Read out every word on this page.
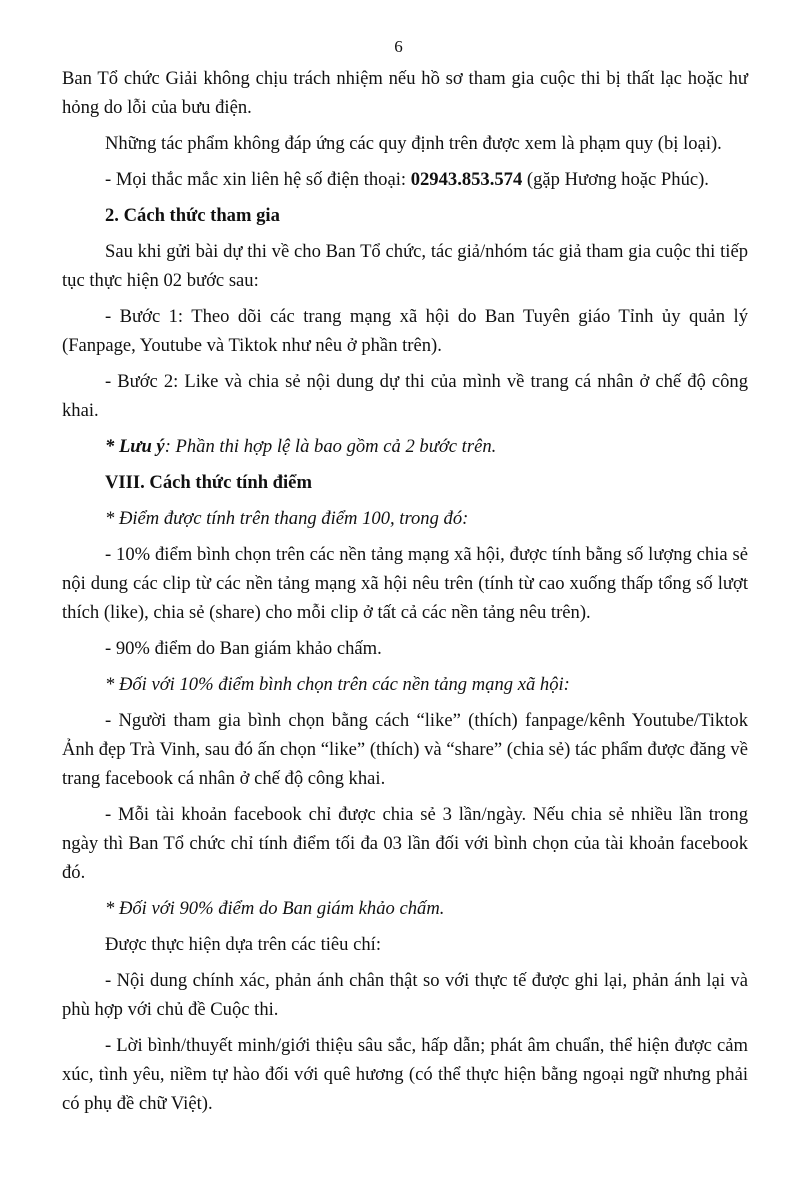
6

Ban Tổ chức Giải không chịu trách nhiệm nếu hồ sơ tham gia cuộc thi bị thất lạc hoặc hư hỏng do lỗi của bưu điện.

Những tác phẩm không đáp ứng các quy định trên được xem là phạm quy (bị loại).

- Mọi thắc mắc xin liên hệ số điện thoại: 02943.853.574 (gặp Hương hoặc Phúc).

2. Cách thức tham gia

Sau khi gửi bài dự thi về cho Ban Tổ chức, tác giả/nhóm tác giả tham gia cuộc thi tiếp tục thực hiện 02 bước sau:

- Bước 1: Theo dõi các trang mạng xã hội do Ban Tuyên giáo Tỉnh ủy quản lý (Fanpage, Youtube và Tiktok như nêu ở phần trên).

- Bước 2: Like và chia sẻ nội dung dự thi của mình về trang cá nhân ở chế độ công khai.

* Lưu ý: Phần thi hợp lệ là bao gồm cả 2 bước trên.

VIII. Cách thức tính điểm

* Điểm được tính trên thang điểm 100, trong đó:

- 10% điểm bình chọn trên các nền tảng mạng xã hội, được tính bằng số lượng chia sẻ nội dung các clip từ các nền tảng mạng xã hội nêu trên (tính từ cao xuống thấp tổng số lượt thích (like), chia sẻ (share) cho mỗi clip ở tất cả các nền tảng nêu trên).

- 90% điểm do Ban giám khảo chấm.

* Đối với 10% điểm bình chọn trên các nền tảng mạng xã hội:

- Người tham gia bình chọn bằng cách “like” (thích) fanpage/kênh Youtube/Tiktok Ảnh đẹp Trà Vinh, sau đó ấn chọn “like” (thích) và “share” (chia sẻ) tác phẩm được đăng về trang facebook cá nhân ở chế độ công khai.

- Mỗi tài khoản facebook chỉ được chia sẻ 3 lần/ngày. Nếu chia sẻ nhiều lần trong ngày thì Ban Tổ chức chỉ tính điểm tối đa 03 lần đối với bình chọn của tài khoản facebook đó.

* Đối với 90% điểm do Ban giám khảo chấm.

Được thực hiện dựa trên các tiêu chí:

- Nội dung chính xác, phản ánh chân thật so với thực tế được ghi lại, phản ánh lại và phù hợp với chủ đề Cuộc thi.

- Lời bình/thuyết minh/giới thiệu sâu sắc, hấp dẫn; phát âm chuẩn, thể hiện được cảm xúc, tình yêu, niềm tự hào đối với quê hương (có thể thực hiện bằng ngoại ngữ nhưng phải có phụ đề chữ Việt).
